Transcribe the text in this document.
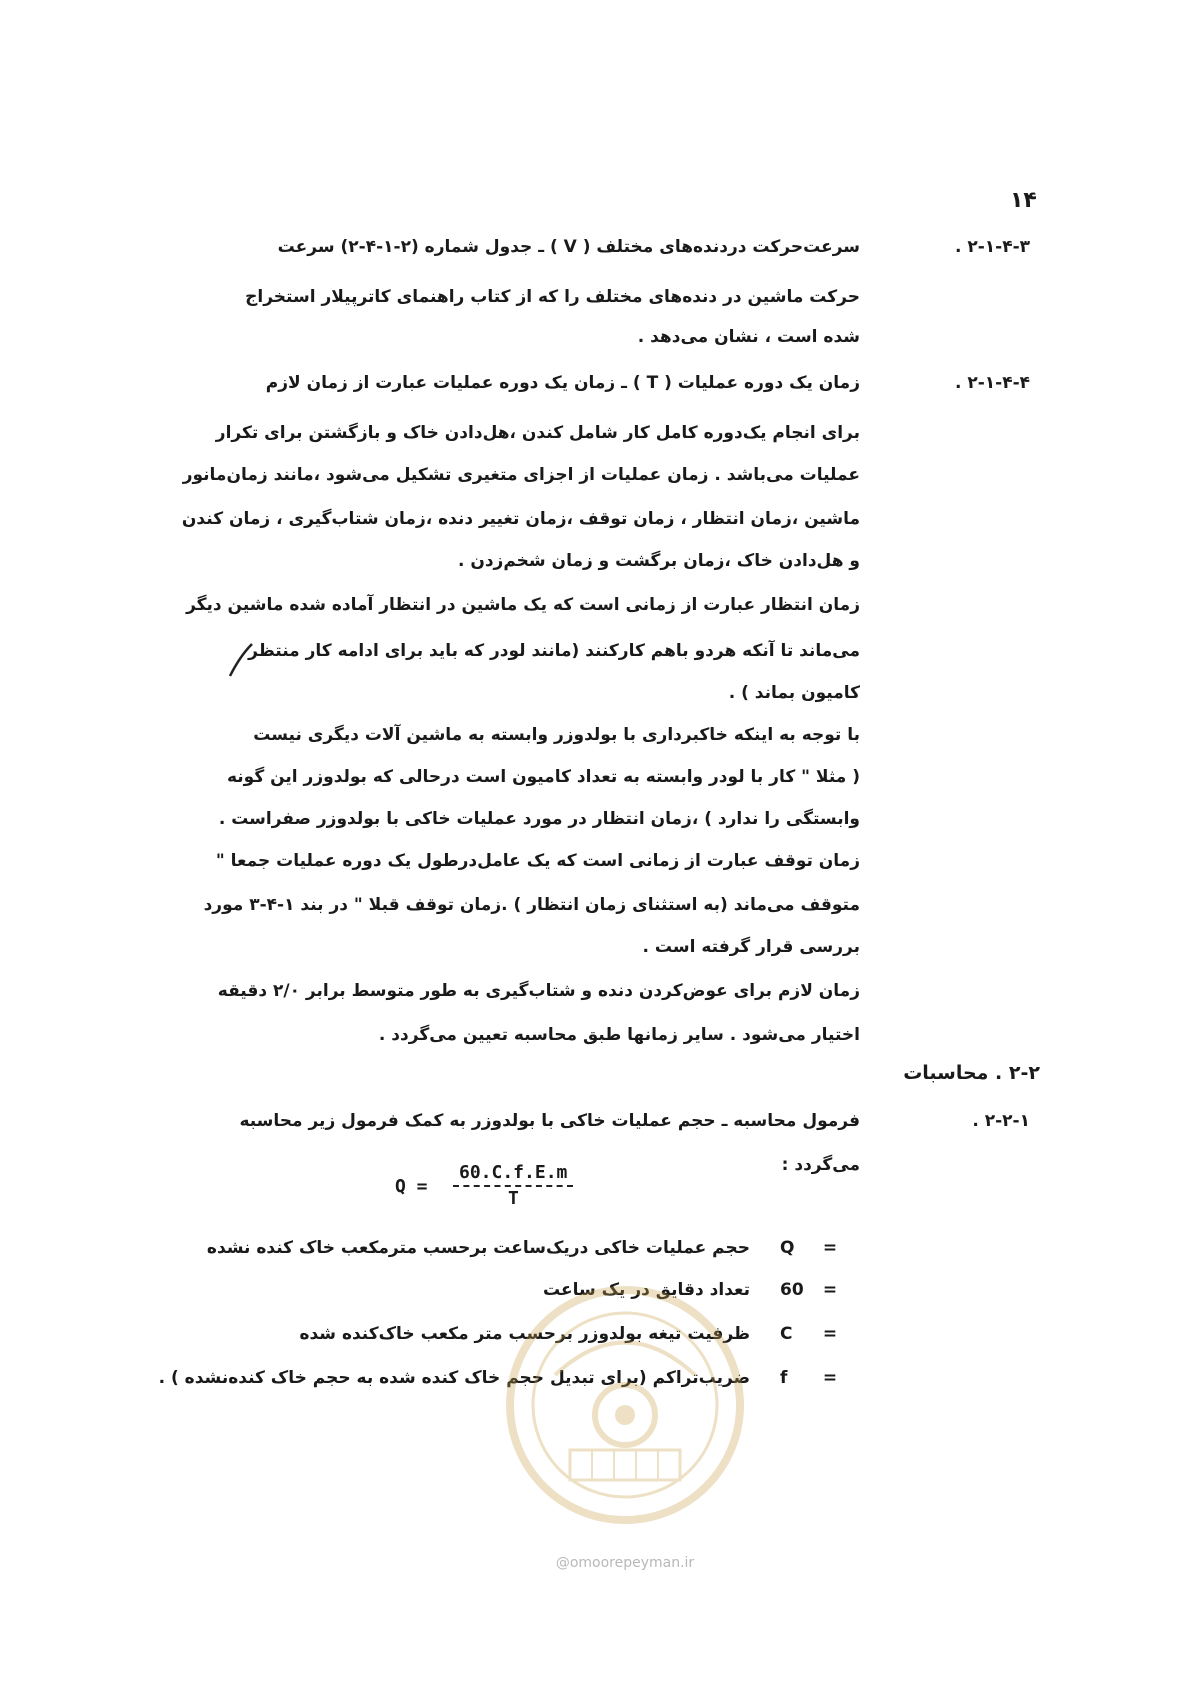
۱۴
۲-۱-۴-۳ .
سرعت‌حرکت دردنده‌های مختلف ( V ) ـ جدول شماره (۲-۱-۴-۲) سرعت
حرکت ماشین در دنده‌های مختلف را که از کتاب راهنمای کاترپیلار استخراج
شده است ، نشان می‌دهد .
۲-۱-۴-۴ .
زمان یک دوره عملیات ( T ) ـ زمان یک دوره عملیات عبارت از زمان لازم
برای انجام یک‌دوره کامل کار شامل کندن ،هل‌دادن خاک و بازگشتن برای تکرار
عملیات می‌باشد . زمان عملیات از اجزای متغیری تشکیل می‌شود ،مانند زمان‌مانور
ماشین ،زمان انتظار ، زمان توقف ،زمان تغییر دنده ،زمان شتاب‌گیری ، زمان کندن
و هل‌دادن خاک ،زمان برگشت و زمان شخم‌زدن .
زمان انتظار عبارت از زمانی است که یک ماشین در انتظار آماده شده ماشین دیگر
می‌ماند تا آنکه هردو باهم کارکنند (مانند لودر که باید برای ادامه کار منتظر
کامیون بماند ) .
با توجه به اینکه خاکبرداری با بولدوزر وابسته به ماشین آلات دیگری نیست
( مثلا " کار با لودر وابسته به تعداد کامیون است درحالی که بولدوزر این گونه
وابستگی را ندارد ) ،زمان انتظار در مورد عملیات خاکی با بولدوزر صفراست .
زمان توقف عبارت از زمانی است که یک عامل‌درطول یک دوره عملیات جمعا "
متوقف می‌ماند (به استثنای زمان انتظار ) .زمان توقف قبلا " در بند ۱-۴-۳ مورد
بررسی قرار گرفته است .
زمان لازم برای عوض‌کردن دنده و شتاب‌گیری به طور متوسط برابر ۲/۰ دقیقه
اختیار می‌شود . سایر زمانها طبق محاسبه تعیین می‌گردد .
۲-۲ . محاسبات
۲-۲-۱ .
فرمول محاسبه ـ حجم عملیات خاکی با بولدوزر به کمک فرمول زیر محاسبه
می‌گردد :
Q =
60.C.f.E.m
T
Q	=
حجم عملیات خاکی دریک‌ساعت برحسب مترمکعب خاک کنده نشده
60	=
تعداد دقایق در یک ساعت
C	=
ظرفیت تیغه بولدوزر برحسب متر مکعب خاک‌کنده شده
f	=
ضریب‌تراکم (برای تبدیل حجم خاک کنده شده به حجم خاک کنده‌نشده ) .
@omoorepeyman.ir
